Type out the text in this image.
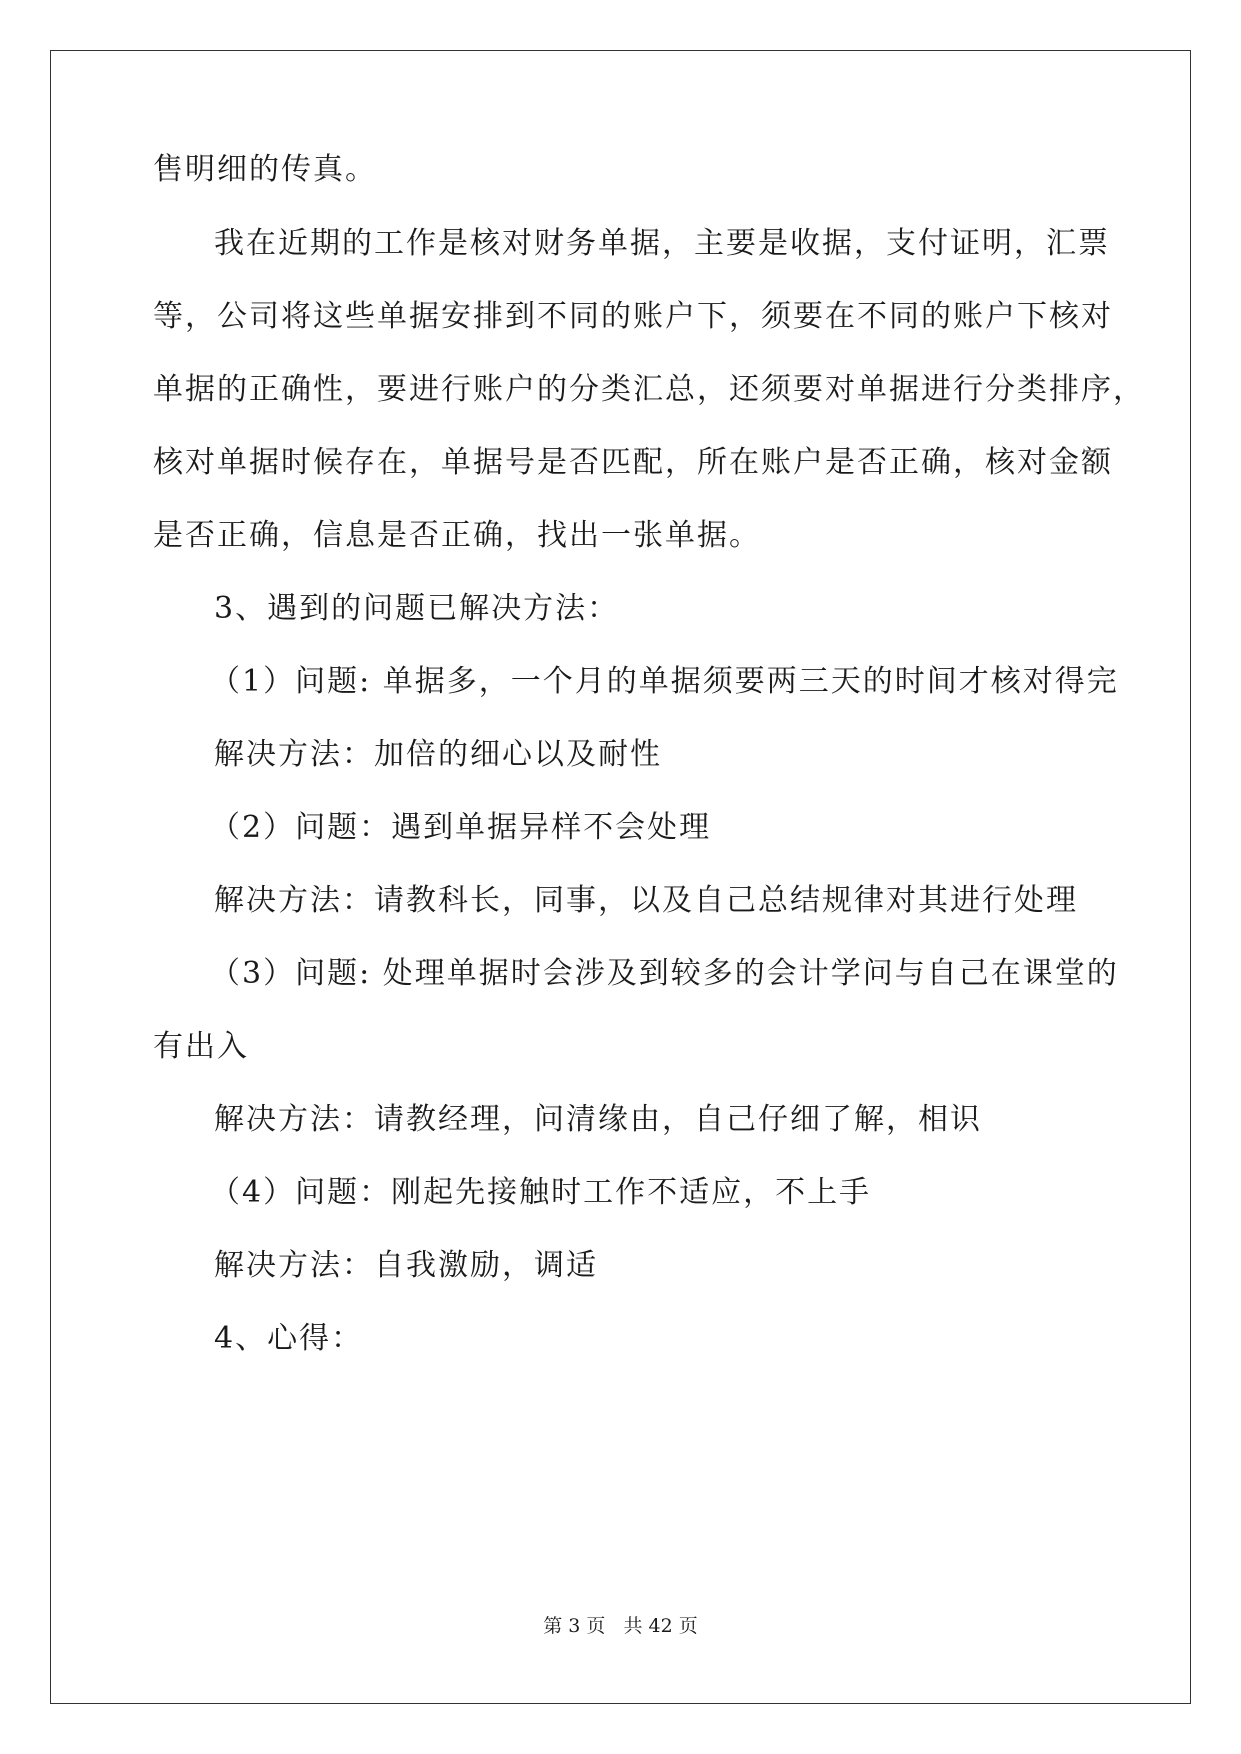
售明细的传真。
我在近期的工作是核对财务单据，主要是收据，支付证明，汇票
等，公司将这些单据安排到不同的账户下，须要在不同的账户下核对
单据的正确性，要进行账户的分类汇总，还须要对单据进行分类排序，
核对单据时候存在，单据号是否匹配，所在账户是否正确，核对金额
是否正确，信息是否正确，找出一张单据。
3、遇到的问题已解决方法：
（1）问题: 单据多，一个月的单据须要两三天的时间才核对得完
解决方法：加倍的细心以及耐性
（2）问题：遇到单据异样不会处理
解决方法：请教科长，同事，以及自己总结规律对其进行处理
（3）问题: 处理单据时会涉及到较多的会计学问与自己在课堂的
有出入
解决方法：请教经理，问清缘由，自己仔细了解，相识
（4）问题：刚起先接触时工作不适应，不上手
解决方法：自我激励，调适
4、心得：
第 3 页 共 42 页
